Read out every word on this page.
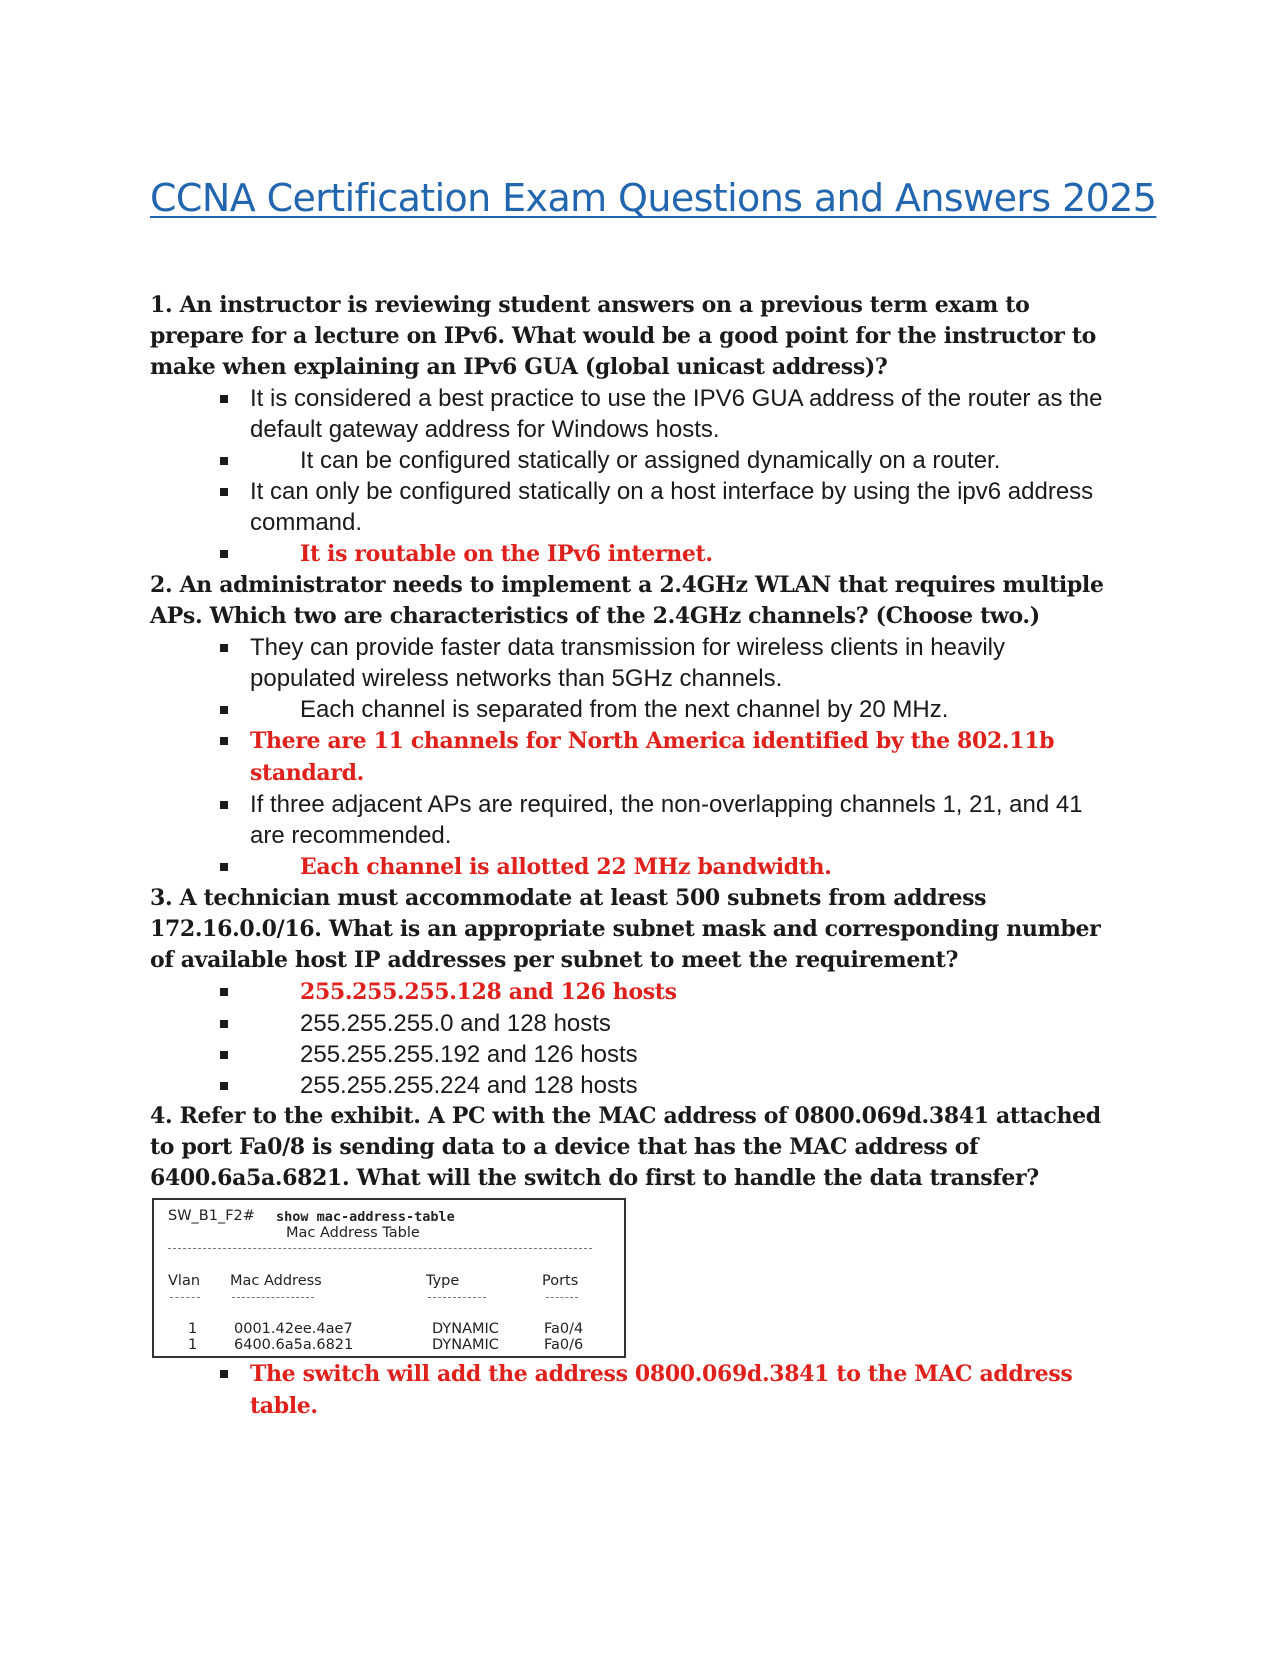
CCNA Certification Exam Questions and Answers 2025

1. An instructor is reviewing student answers on a previous term exam to prepare for a lecture on IPv6. What would be a good point for the instructor to make when explaining an IPv6 GUA (global unicast address)?

It is considered a best practice to use the IPV6 GUA address of the router as the default gateway address for Windows hosts.
It can be configured statically or assigned dynamically on a router.
It can only be configured statically on a host interface by using the ipv6 address command.
It is routable on the IPv6 internet.

2. An administrator needs to implement a 2.4GHz WLAN that requires multiple APs. Which two are characteristics of the 2.4GHz channels? (Choose two.)

They can provide faster data transmission for wireless clients in heavily populated wireless networks than 5GHz channels.
Each channel is separated from the next channel by 20 MHz.
There are 11 channels for North America identified by the 802.11b standard.
If three adjacent APs are required, the non-overlapping channels 1, 21, and 41 are recommended.
Each channel is allotted 22 MHz bandwidth.

3. A technician must accommodate at least 500 subnets from address 172.16.0.0/16. What is an appropriate subnet mask and corresponding number of available host IP addresses per subnet to meet the requirement?

255.255.255.128 and 126 hosts
255.255.255.0 and 128 hosts
255.255.255.192 and 126 hosts
255.255.255.224 and 128 hosts

4. Refer to the exhibit. A PC with the MAC address of 0800.069d.3841 attached to port Fa0/8 is sending data to a device that has the MAC address of 6400.6a5a.6821. What will the switch do first to handle the data transfer?

SW_B1_F2# show mac-address-table
Mac Address Table
Vlan Mac Address	Type	Ports
1	0001.42ee.4ae7	DYNAMIC	Fa0/4
1	6400.6a5a.6821	DYNAMIC	Fa0/6
The switch will add the address 0800.069d.3841 to the MAC address table.
